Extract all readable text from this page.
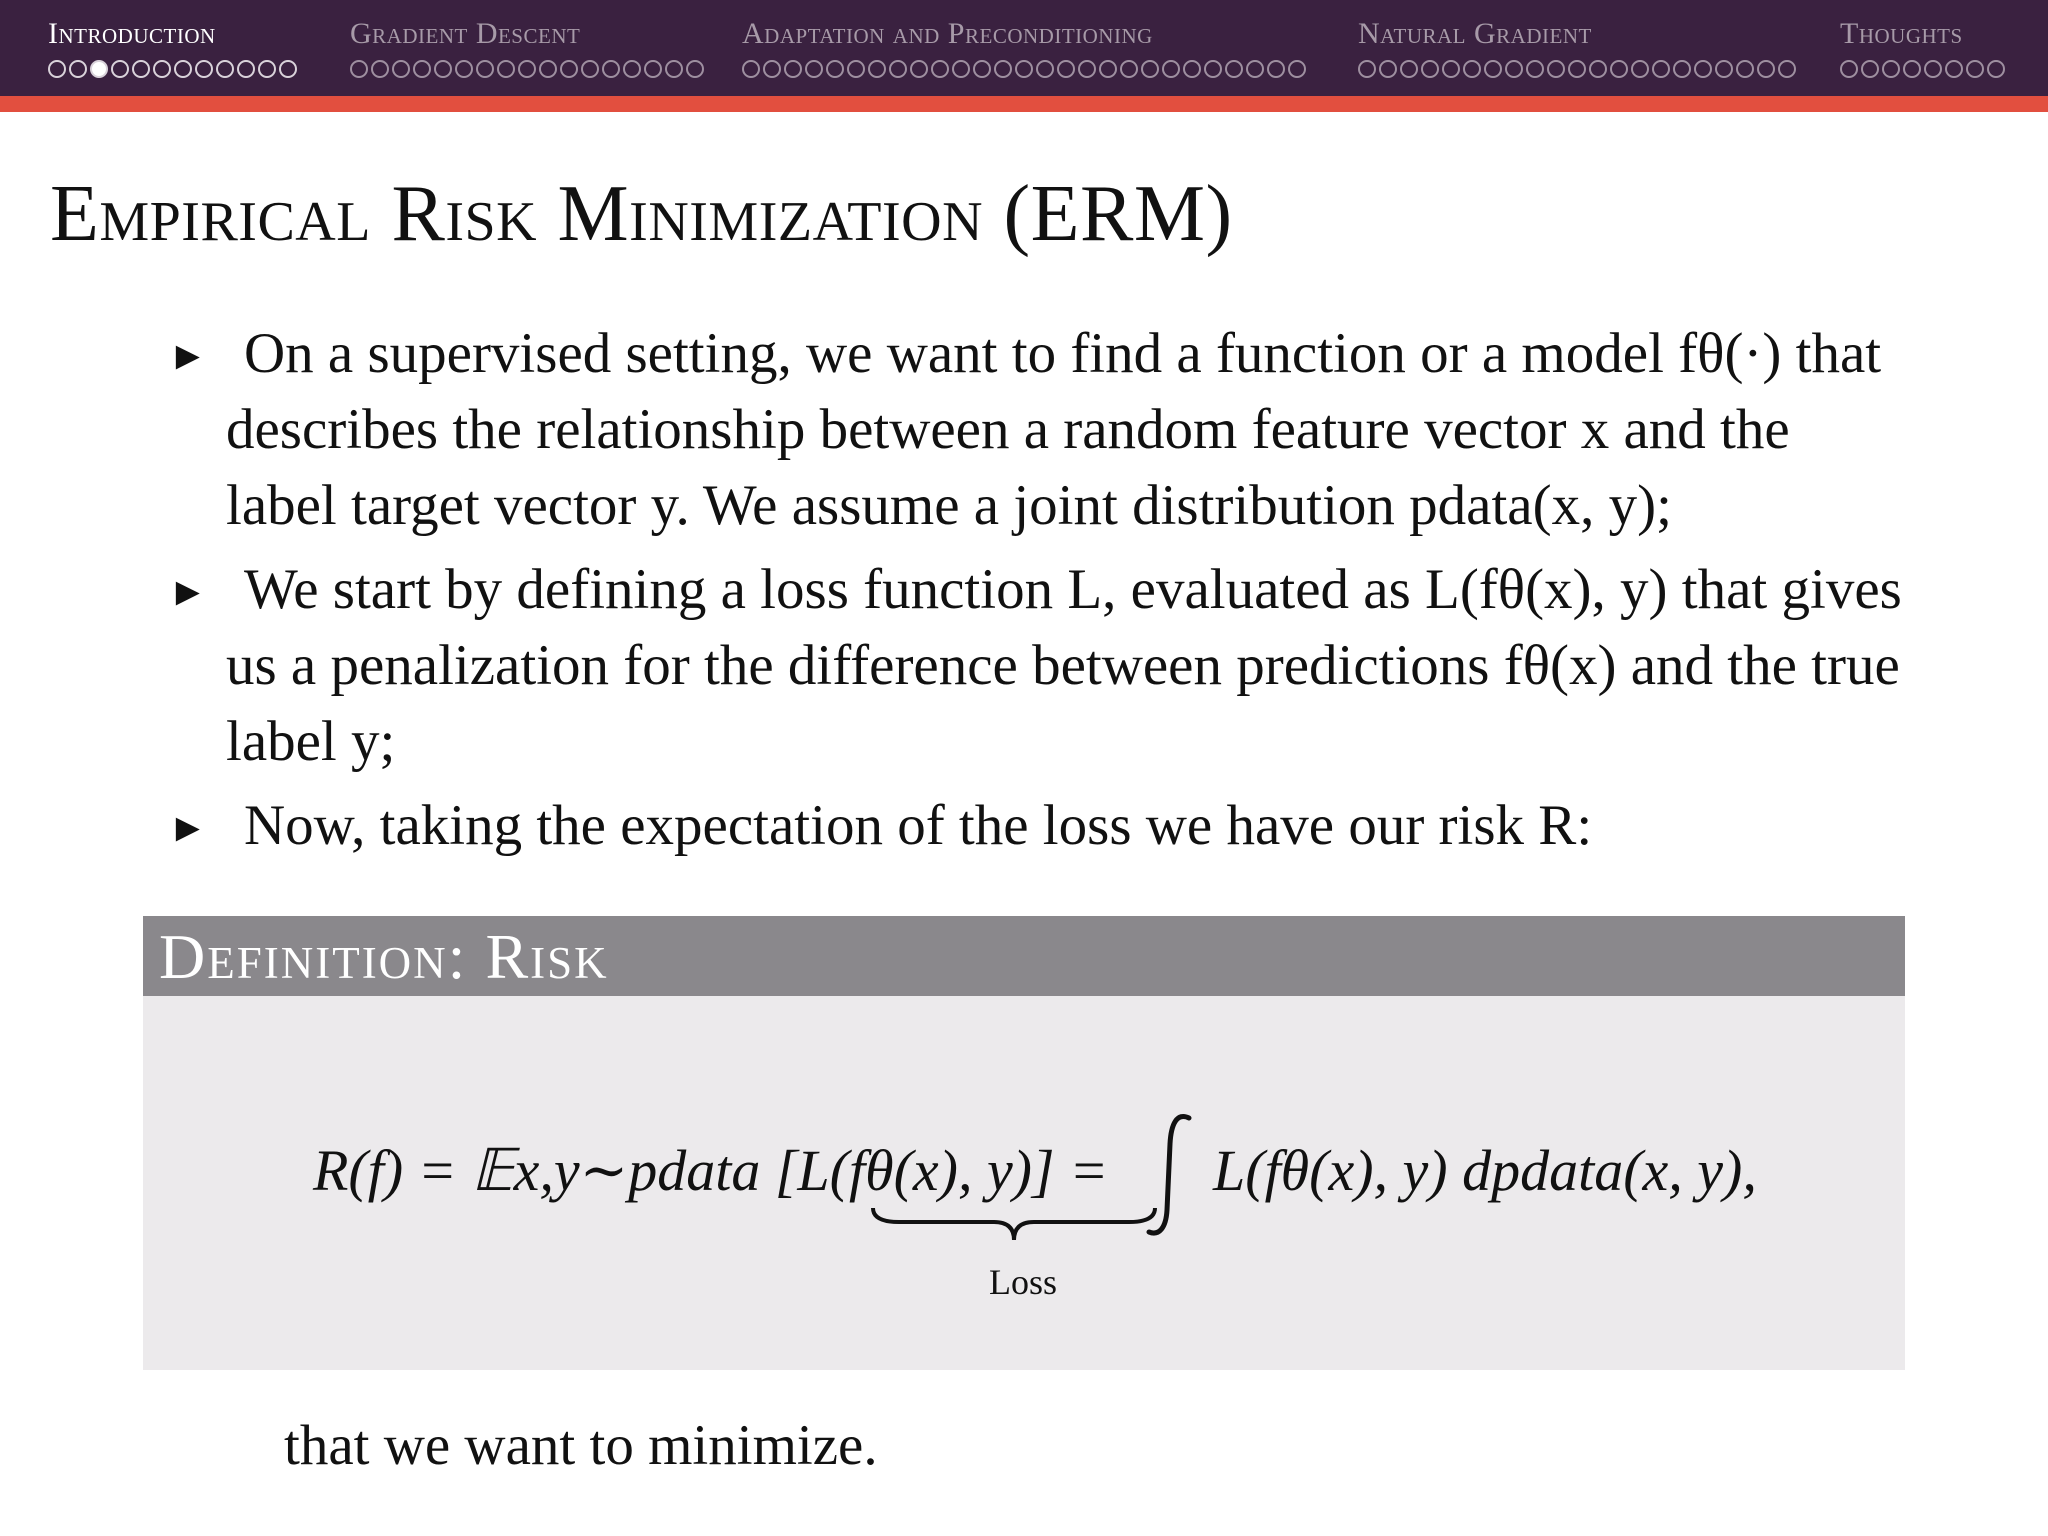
Introduction	Gradient Descent	Adaptation and Preconditioning	Natural Gradient	Thoughts
Empirical Risk Minimization (ERM)
► On a supervised setting, we want to find a function or a model fθ(·) that describes the relationship between a random feature vector x and the label target vector y. We assume a joint distribution pdata(x, y);
► We start by defining a loss function L, evaluated as L(fθ(x), y) that gives us a penalization for the difference between predictions fθ(x) and the true label y;
► Now, taking the expectation of the loss we have our risk R:
Definition: Risk
R(f) = 𝔼x,y∼pdata [L(fθ(x), y)] = L(fθ(x), y) dpdata(x, y),
Loss
that we want to minimize.
